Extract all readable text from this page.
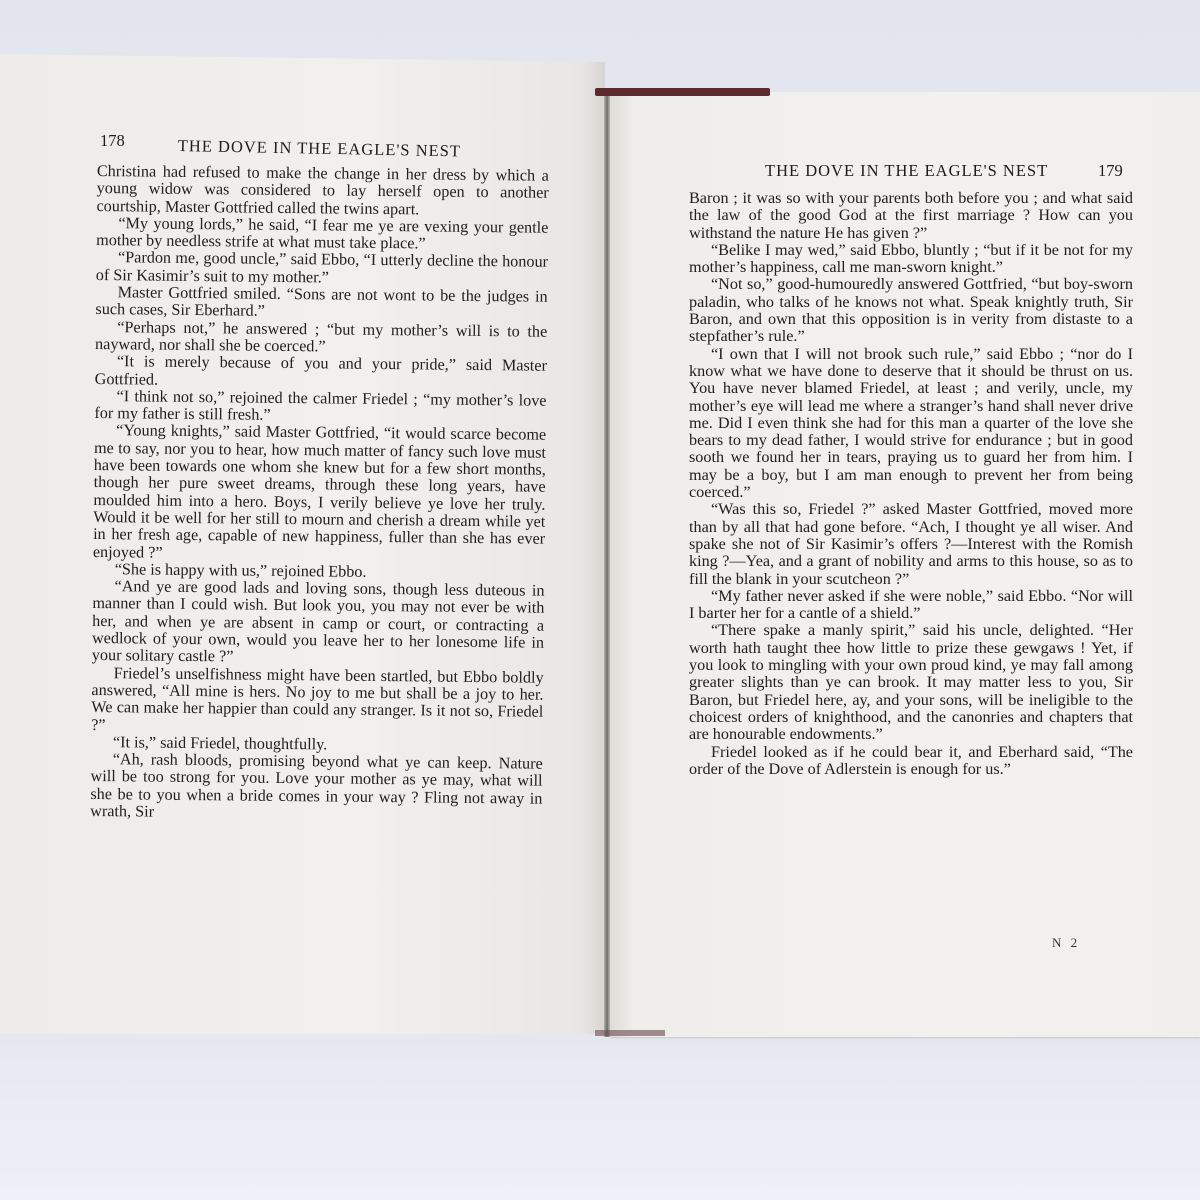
178	THE DOVE IN THE EAGLE'S NEST

Christina had refused to make the change in her dress by which a young widow was considered to lay herself open to another courtship, Master Gottfried called the twins apart.

“My young lords,” he said, “I fear me ye are vexing your gentle mother by needless strife at what must take place.”

“Pardon me, good uncle,” said Ebbo, “I utterly decline the honour of Sir Kasimir’s suit to my mother.”

Master Gottfried smiled. “Sons are not wont to be the judges in such cases, Sir Eberhard.”

“Perhaps not,” he answered ; “but my mother’s will is to the nayward, nor shall she be coerced.”

“It is merely because of you and your pride,” said Master Gottfried.

“I think not so,” rejoined the calmer Friedel ; “my mother’s love for my father is still fresh.”

“Young knights,” said Master Gottfried, “it would scarce become me to say, nor you to hear, how much matter of fancy such love must have been towards one whom she knew but for a few short months, though her pure sweet dreams, through these long years, have moulded him into a hero. Boys, I verily believe ye love her truly. Would it be well for her still to mourn and cherish a dream while yet in her fresh age, capable of new happiness, fuller than she has ever enjoyed ?”

“She is happy with us,” rejoined Ebbo.

“And ye are good lads and loving sons, though less duteous in manner than I could wish. But look you, you may not ever be with her, and when ye are absent in camp or court, or contracting a wedlock of your own, would you leave her to her lonesome life in your solitary castle ?”

Friedel’s unselfishness might have been startled, but Ebbo boldly answered, “All mine is hers. No joy to me but shall be a joy to her. We can make her happier than could any stranger. Is it not so, Friedel ?”

“It is,” said Friedel, thoughtfully.

“Ah, rash bloods, promising beyond what ye can keep. Nature will be too strong for you. Love your mother as ye may, what will she be to you when a bride comes in your way ? Fling not away in wrath, Sir

THE DOVE IN THE EAGLE'S NEST	179

Baron ; it was so with your parents both before you ; and what said the law of the good God at the first marriage ? How can you withstand the nature He has given ?”

“Belike I may wed,” said Ebbo, bluntly ; “but if it be not for my mother’s happiness, call me man-sworn knight.”

“Not so,” good-humouredly answered Gottfried, “but boy-sworn paladin, who talks of he knows not what. Speak knightly truth, Sir Baron, and own that this opposition is in verity from distaste to a stepfather’s rule.”

“I own that I will not brook such rule,” said Ebbo ; “nor do I know what we have done to deserve that it should be thrust on us. You have never blamed Friedel, at least ; and verily, uncle, my mother’s eye will lead me where a stranger’s hand shall never drive me. Did I even think she had for this man a quarter of the love she bears to my dead father, I would strive for endurance ; but in good sooth we found her in tears, praying us to guard her from him. I may be a boy, but I am man enough to prevent her from being coerced.”

“Was this so, Friedel ?” asked Master Gottfried, moved more than by all that had gone before. “Ach, I thought ye all wiser. And spake she not of Sir Kasimir’s offers ?—Interest with the Romish king ?—Yea, and a grant of nobility and arms to this house, so as to fill the blank in your scutcheon ?”

“My father never asked if she were noble,” said Ebbo. “Nor will I barter her for a cantle of a shield.”

“There spake a manly spirit,” said his uncle, delighted. “Her worth hath taught thee how little to prize these gewgaws ! Yet, if you look to mingling with your own proud kind, ye may fall among greater slights than ye can brook. It may matter less to you, Sir Baron, but Friedel here, ay, and your sons, will be ineligible to the choicest orders of knighthood, and the canonries and chapters that are honourable endowments.”

Friedel looked as if he could bear it, and Eberhard said, “The order of the Dove of Adlerstein is enough for us.”

N 2
